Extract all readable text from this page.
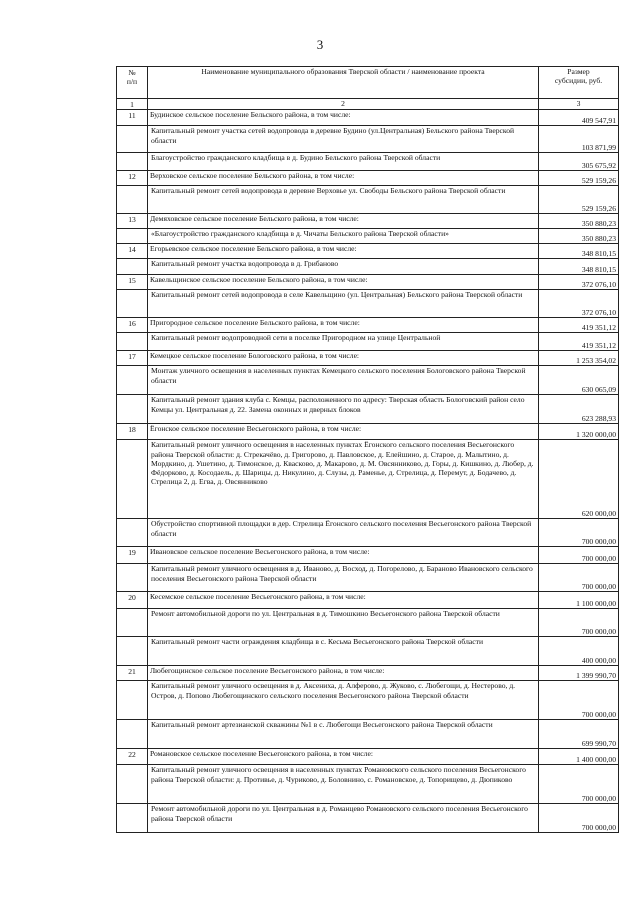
3
№
п/п	Наименование муниципального образования Тверской области / наименование проекта	Размер
субсидии, руб.
1	2	3
11	Будинское сельское поселение Бельского района, в том числе:	409 547,91
	Капитальный ремонт участка сетей водопровода в деревне Будино (ул.Центральная) Бельского района Тверской области	103 871,99
	Благоустройство гражданского кладбища в д. Будино Бельского района Тверской области	305 675,92
12	Верховское сельское поселение Бельского района, в том числе:	529 159,26
	Капитальный ремонт сетей водопровода в деревне Верховье ул. Свободы Бельского района Тверской области	529 159,26
13	Демяховское сельское поселение Бельского района, в том числе:	350 880,23
	«Благоустройство гражданского кладбища в д. Чичаты Бельского района Тверской области»	350 880,23
14	Егорьевское сельское поселение Бельского района, в том числе:	348 810,15
	Капитальный ремонт участка водопровода в д. Грибаново	348 810,15
15	Кавельщинское сельское поселение Бельского района, в том числе:	372 076,10
	Капитальный ремонт сетей водопровода в селе Кавельщино (ул. Центральная) Бельского района Тверской области	372 076,10
16	Пригородное сельское поселение Бельского района, в том числе:	419 351,12
	Капитальный ремонт водопроводной сети в поселке Пригородном на улице Центральной	419 351,12
17	Кемецкое сельское поселение Бологовского района, в том числе:	1 253 354,02
	Монтаж уличного освещения в населенных пунктах Кемецкого сельского поселения Бологовского района Тверской области	630 065,09
	Капитальный ремонт здания клуба с. Кемцы, расположенного по адресу: Тверская область Бологовский район село Кемцы ул. Центральная д. 22. Замена оконных и дверных блоков	623 288,93
18	Ёгонское сельское поселение Весьегонского района, в том числе:	1 320 000,00
	Капитальный ремонт уличного освещения в населенных пунктах Ёгонского сельского поселения Весьегонского района Тверской области: д. Стрекачёво, д. Григорово, д. Павловское, д. Елейшино, д. Старое, д. Малытино, д. Мордкино, д. Ушетино, д. Тимонское, д. Квасково, д. Макарово, д. М. Овсянниково, д. Горы, д. Кишкино, д. Любер, д. Фёдорково, д. Косодаель, д. Шарицы, д. Никулино, д. Слузы, д. Раменье, д. Стрелица, д. Перемут, д. Бодачево, д. Стрелица 2, д. Егва, д. Овсянниково	620 000,00
	Обустройство спортивной площадки в дер. Стрелица Ёгонского сельского поселения Весьегонского района Тверской области	700 000,00
19	Ивановское сельское поселение Весьегонского района, в том числе:	700 000,00
	Капитальный ремонт уличного освещения в д. Иваново, д. Восход, д. Погорелово, д. Бараново Ивановского сельского поселения Весьегонского района Тверской области	700 000,00
20	Кесемское сельское поселение Весьегонского района, в том числе:	1 100 000,00
	Ремонт автомобильной дороги по ул. Центральная в д. Тимошкино Весьегонского района Тверской области	700 000,00
	Капитальный ремонт части ограждения кладбища в с. Кесьма Весьегонского района Тверской области	400 000,00
21	Любегощинское сельское поселение Весьегонского района, в том числе:	1 399 990,70
	Капитальный ремонт уличного освещения в д. Аксениха, д. Алферово, д. Жуково, с. Любегощи, д. Нестерово, д. Остров, д. Попово Любегощинского сельского поселения Весьегонского района Тверской области	700 000,00
	Капитальный ремонт артезианской скважины №1 в с. Любегощи Весьегонского района Тверской области	699 990,70
22	Романовское сельское поселение Весьегонского района, в том числе:	1 400 000,00
	Капитальный ремонт уличного освещения в населенных пунктах Романовского сельского поселения Весьегонского района Тверской области: д. Противье, д. Чуриково, д. Боловнино, с. Романовское, д. Топорищево, д. Дюпиково	700 000,00
	Ремонт автомобильной дороги по ул. Центральная в д. Романцево Романовского сельского поселения Весьегонского района Тверской области	700 000,00
